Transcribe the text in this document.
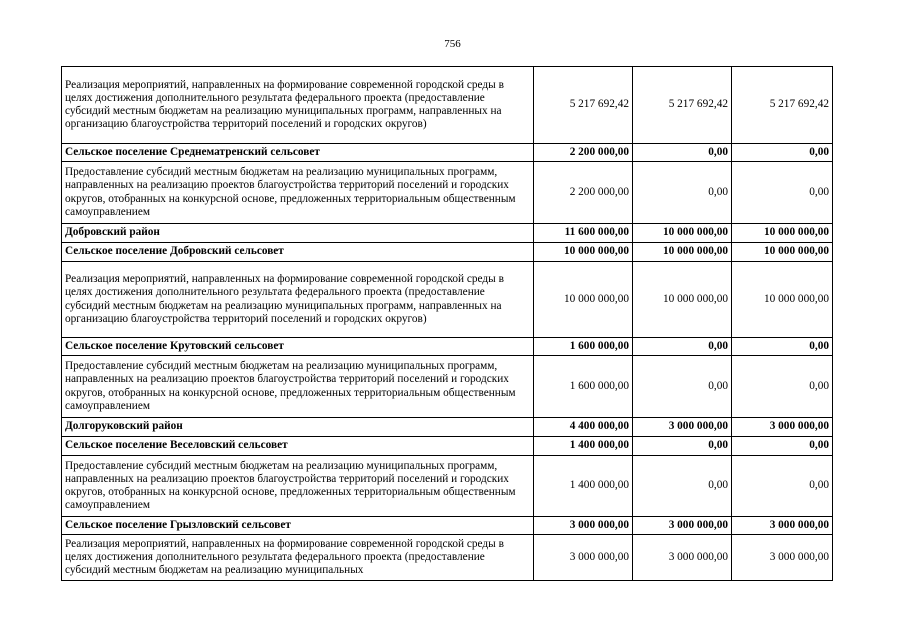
756
Реализация мероприятий, направленных на формирование современной городской среды в целях достижения дополнительного результата федерального проекта (предоставление субсидий местным бюджетам на реализацию муниципальных программ, направленных на организацию благоустройства территорий поселений и городских округов)	5 217 692,42	5 217 692,42	5 217 692,42
Сельское поселение Среднематренский сельсовет	2 200 000,00	0,00	0,00
Предоставление субсидий местным бюджетам на реализацию муниципальных программ, направленных на реализацию проектов благоустройства территорий поселений и городских округов, отобранных на конкурсной основе, предложенных территориальным общественным самоуправлением	2 200 000,00	0,00	0,00
Добровский район	11 600 000,00	10 000 000,00	10 000 000,00
Сельское поселение Добровский сельсовет	10 000 000,00	10 000 000,00	10 000 000,00
Реализация мероприятий, направленных на формирование современной городской среды в целях достижения дополнительного результата федерального проекта (предоставление субсидий местным бюджетам на реализацию муниципальных программ, направленных на организацию благоустройства территорий поселений и городских округов)	10 000 000,00	10 000 000,00	10 000 000,00
Сельское поселение Крутовский сельсовет	1 600 000,00	0,00	0,00
Предоставление субсидий местным бюджетам на реализацию муниципальных программ, направленных на реализацию проектов благоустройства территорий поселений и городских округов, отобранных на конкурсной основе, предложенных территориальным общественным самоуправлением	1 600 000,00	0,00	0,00
Долгоруковский район	4 400 000,00	3 000 000,00	3 000 000,00
Сельское поселение Веселовский сельсовет	1 400 000,00	0,00	0,00
Предоставление субсидий местным бюджетам на реализацию муниципальных программ, направленных на реализацию проектов благоустройства территорий поселений и городских округов, отобранных на конкурсной основе, предложенных территориальным общественным самоуправлением	1 400 000,00	0,00	0,00
Сельское поселение Грызловский сельсовет	3 000 000,00	3 000 000,00	3 000 000,00
Реализация мероприятий, направленных на формирование современной городской среды в целях достижения дополнительного результата федерального проекта (предоставление субсидий местным бюджетам на реализацию муниципальных	3 000 000,00	3 000 000,00	3 000 000,00
